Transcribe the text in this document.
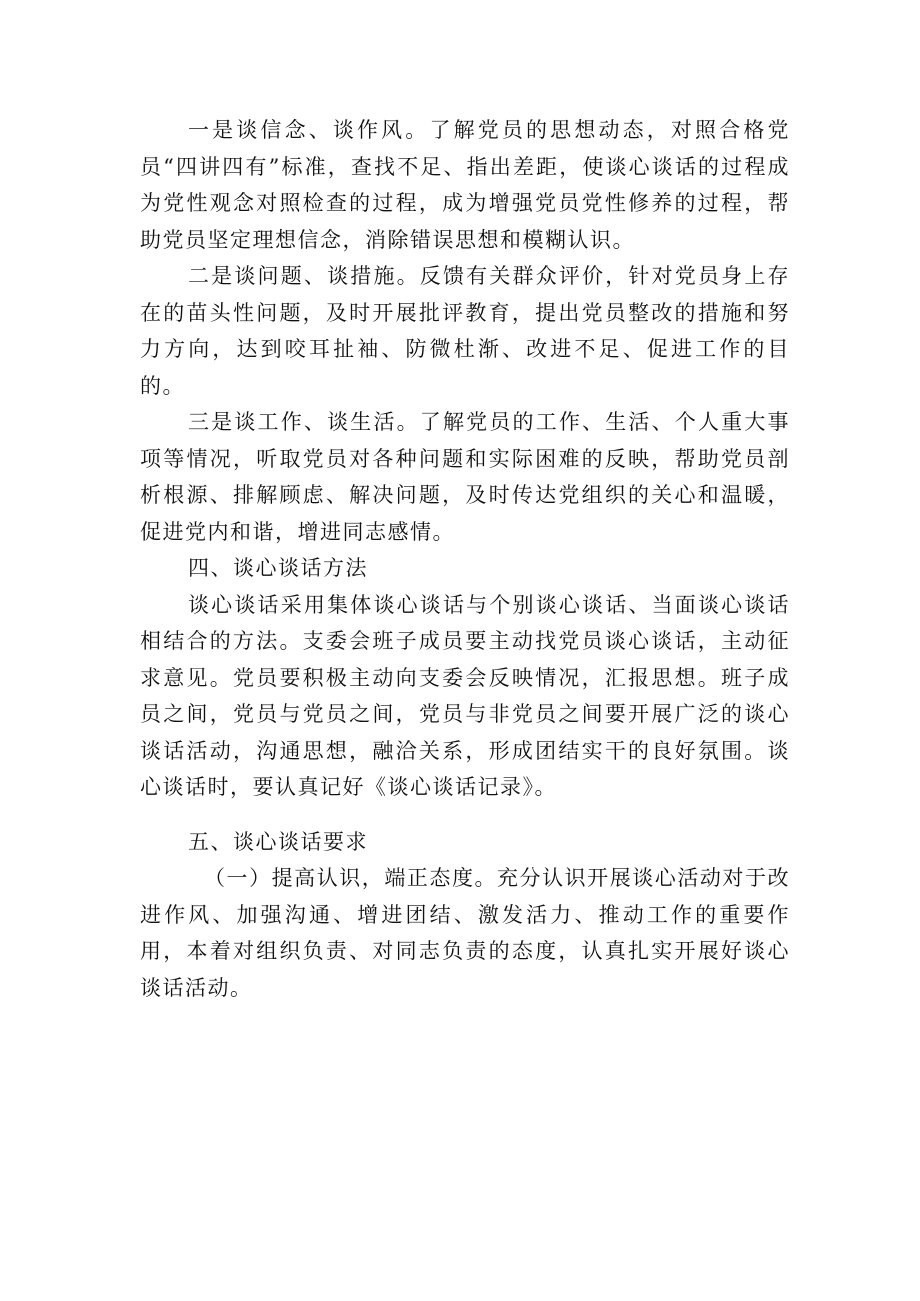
一是谈信念、谈作风。了解党员的思想动态，对照合格党员“四讲四有”标准，查找不足、指出差距，使谈心谈话的过程成为党性观念对照检查的过程，成为增强党员党性修养的过程，帮助党员坚定理想信念，消除错误思想和模糊认识。

二是谈问题、谈措施。反馈有关群众评价，针对党员身上存在的苗头性问题，及时开展批评教育，提出党员整改的措施和努力方向，达到咬耳扯袖、防微杜渐、改进不足、促进工作的目的。

三是谈工作、谈生活。了解党员的工作、生活、个人重大事项等情况，听取党员对各种问题和实际困难的反映，帮助党员剖析根源、排解顾虑、解决问题，及时传达党组织的关心和温暖，促进党内和谐，增进同志感情。

四、谈心谈话方法

谈心谈话采用集体谈心谈话与个别谈心谈话、当面谈心谈话相结合的方法。支委会班子成员要主动找党员谈心谈话，主动征求意见。党员要积极主动向支委会反映情况，汇报思想。班子成员之间，党员与党员之间，党员与非党员之间要开展广泛的谈心谈话活动，沟通思想，融洽关系，形成团结实干的良好氛围。谈心谈话时，要认真记好《谈心谈话记录》。

五、谈心谈话要求

（一）提高认识，端正态度。充分认识开展谈心活动对于改进作风、加强沟通、增进团结、激发活力、推动工作的重要作用，本着对组织负责、对同志负责的态度，认真扎实开展好谈心谈话活动。
